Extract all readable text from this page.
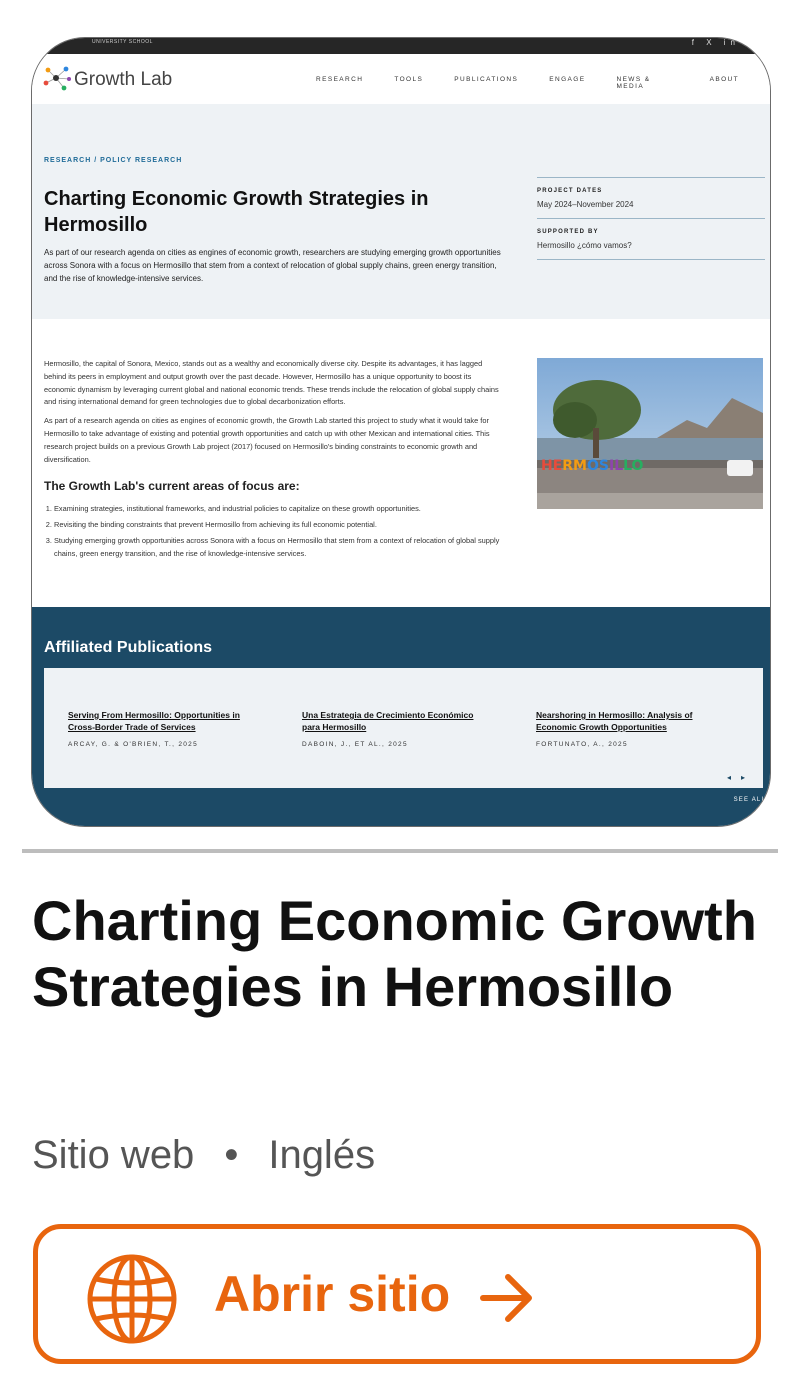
UNIVERSITY SCHOOL	f X in
Growth Lab	RESEARCH	TOOLS	PUBLICATIONS	ENGAGE	NEWS & MEDIA
ABOUT
RESEARCH / POLICY RESEARCH
Charting Economic Growth Strategies in Hermosillo
As part of our research agenda on cities as engines of economic growth, researchers are studying emerging growth opportunities across Sonora with a focus on Hermosillo that stem from a context of relocation of global supply chains, green energy transition, and the rise of knowledge-intensive services.
PROJECT DATES
May 2024–November 2024
SUPPORTED BY
Hermosillo ¿cómo vamos?

Hermosillo, the capital of Sonora, Mexico, stands out as a wealthy and economically diverse city. Despite its advantages, it has lagged behind its peers in employment and output growth over the past decade. However, Hermosillo has a unique opportunity to boost its economic dynamism by leveraging current global and national economic trends. These trends include the relocation of global supply chains and rising international demand for green technologies due to global decarbonization efforts.

As part of a research agenda on cities as engines of economic growth, the Growth Lab started this project to study what it would take for Hermosillo to take advantage of existing and potential growth opportunities and catch up with other Mexican and international cities. This research project builds on a previous Growth Lab project (2017) focused on Hermosillo's binding constraints to economic growth and diversification.

The Growth Lab's current areas of focus are:
1. Examining strategies, institutional frameworks, and industrial policies to capitalize on these growth opportunities.
2. Revisiting the binding constraints that prevent Hermosillo from achieving its full economic potential.
3. Studying emerging growth opportunities across Sonora with a focus on Hermosillo that stem from a context of relocation of global supply chains, green energy transition, and the rise of knowledge-intensive services.
HERMOSILLO
Affiliated Publications
Serving From Hermosillo: Opportunities in Cross-Border Trade of Services
ARCAY, G. & O'BRIEN, T., 2025
Una Estrategia de Crecimiento Económico para Hermosillo
DABOIN, J., ET AL., 2025
Nearshoring in Hermosillo: Analysis of Economic Growth Opportunities
FORTUNATO, A., 2025
◂▸
SEE ALL
Charting Economic Growth Strategies in Hermosillo
Sitio web • Inglés
Abrir sitio
